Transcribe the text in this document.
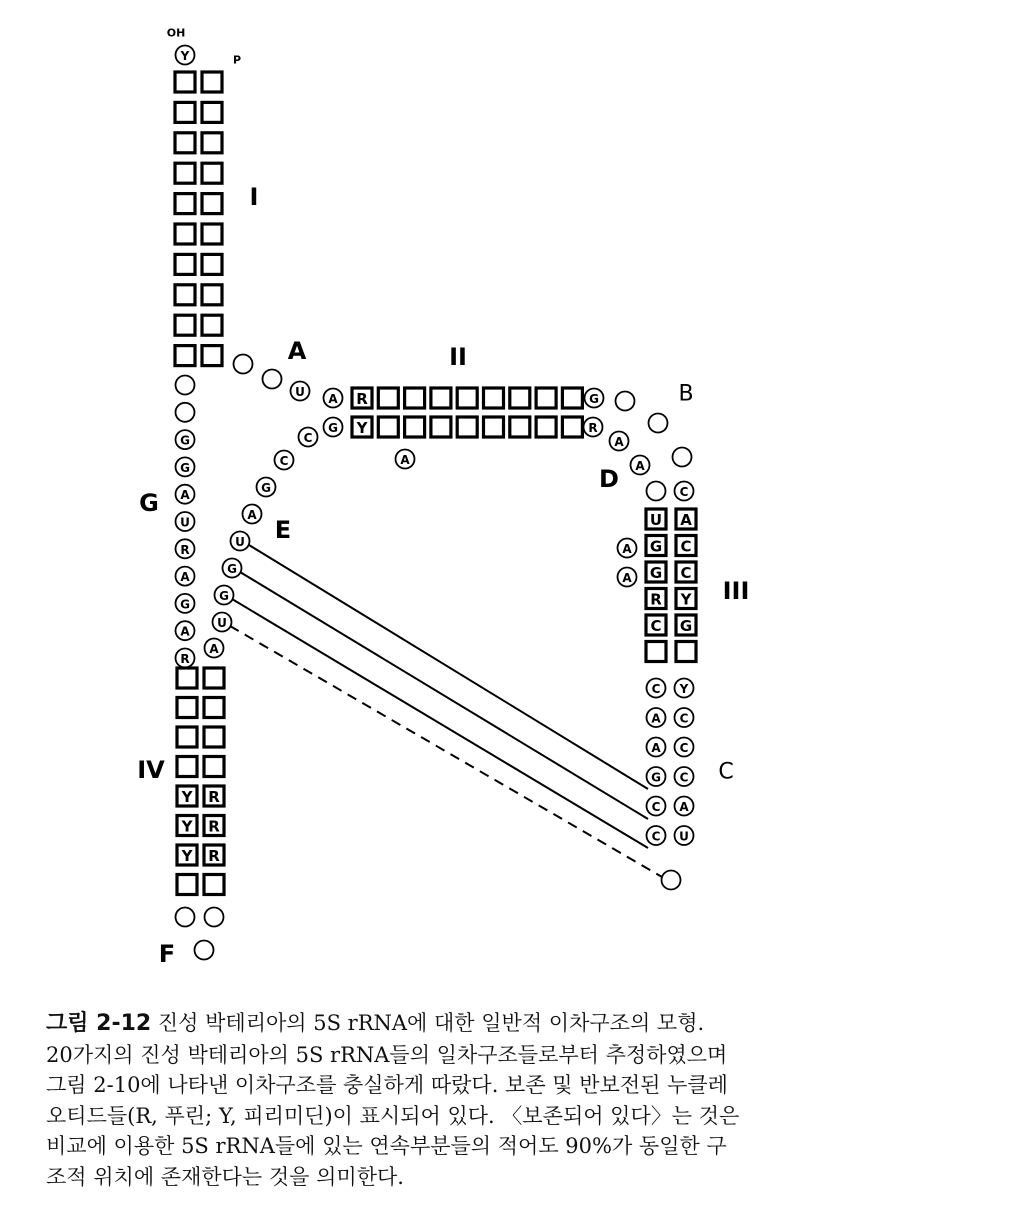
Y
OH
P
I
U
A
A R
Y
G
A
G
R
II
B
A
A
D
C
C
G
A
U
G
G
U
E
G
G
A
U
R
A
G
A
R
G
A
Y R
Y R
Y R
IV
F
C
U A
G C
G C
R Y
C G
A
A	III
C Y
A C
A C
G C
C A
C U
C

그림 2-12 진성 박테리아의 5S rRNA에 대한 일반적 이차구조의 모형.

20가지의 진성 박테리아의 5S rRNA들의 일차구조들로부터 추정하였으며

그림 2-10에 나타낸 이차구조를 충실하게 따랐다. 보존 및 반보전된 누클레

오티드들(R, 푸린; Y, 피리미딘)이 표시되어 있다. 〈보존되어 있다〉는 것은

비교에 이용한 5S rRNA들에 있는 연속부분들의 적어도 90%가 동일한 구

조적 위치에 존재한다는 것을 의미한다.
